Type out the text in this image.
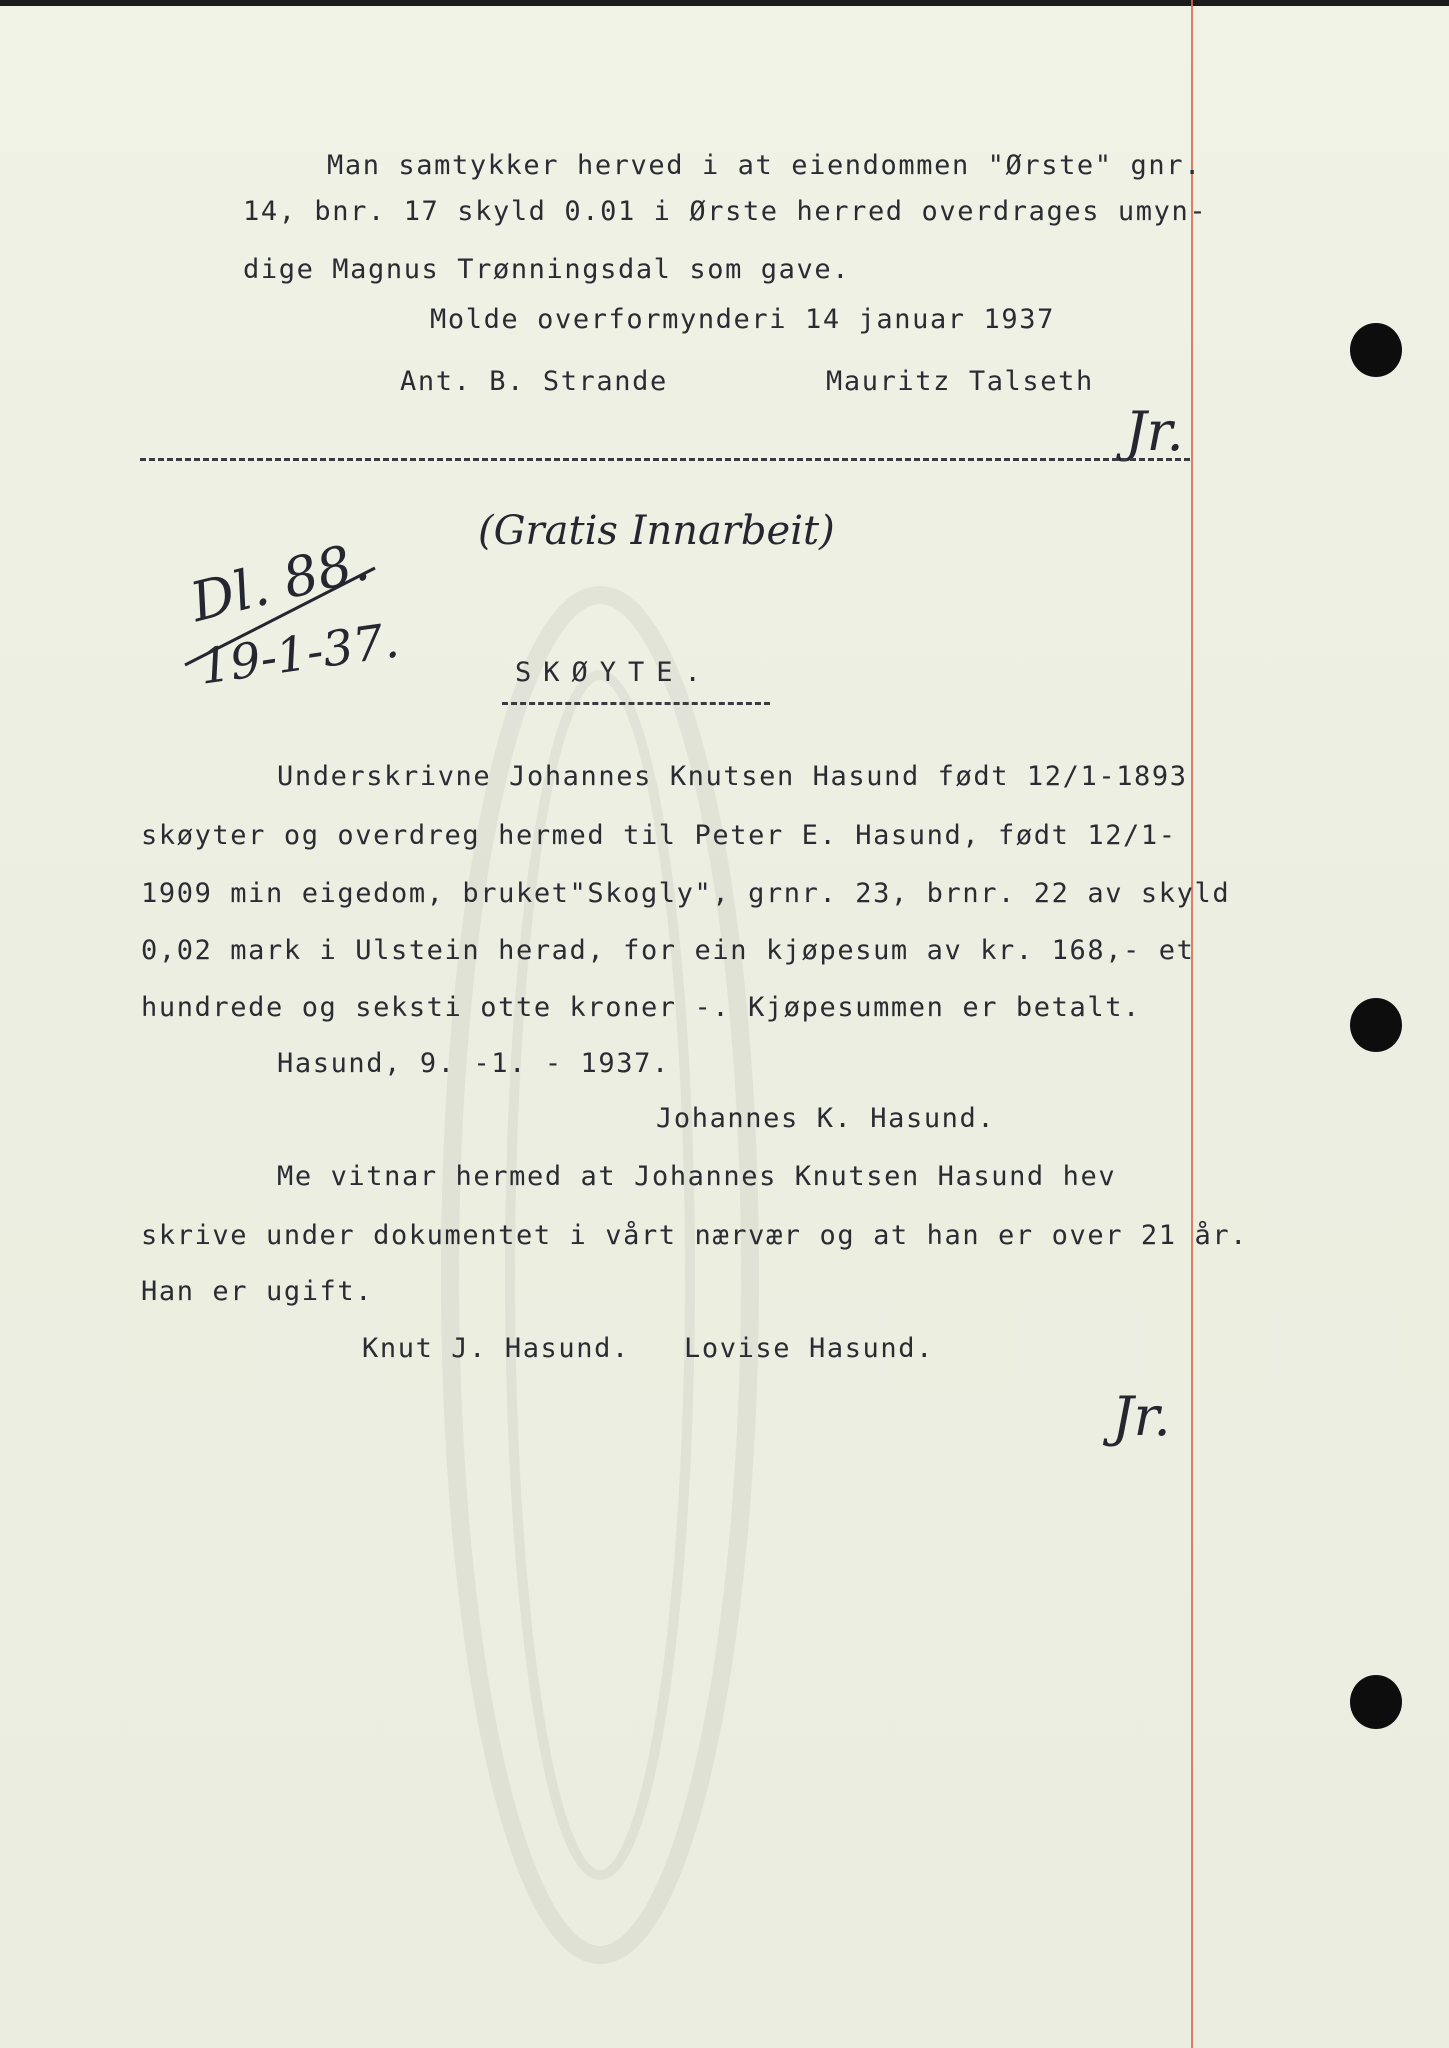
Man samtykker herved i at eiendommen "Ørste" gnr.
14, bnr. 17 skyld 0.01 i Ørste herred overdrages umyn-
dige Magnus Trønningsdal som gave.
Molde overformynderi 14 januar 1937
Ant. B. Strande	Mauritz Talseth
Jr.
(Gratis Innarbeit)
Dl. 88.
19-1-37.	SKØYTE.
Underskrivne Johannes Knutsen Hasund født 12/1-1893
skøyter og overdreg hermed til Peter E. Hasund, født 12/1-
1909 min eigedom, bruket"Skogly", grnr. 23, brnr. 22 av skyld
0,02 mark i Ulstein herad, for ein kjøpesum av kr. 168,- et
hundrede og seksti otte kroner -. Kjøpesummen er betalt.
Hasund, 9. -1. - 1937.
Johannes K. Hasund.
Me vitnar hermed at Johannes Knutsen Hasund hev
skrive under dokumentet i vårt nærvær og at han er over 21 år.
Han er ugift.
Knut J. Hasund. Lovise Hasund.
Jr.
